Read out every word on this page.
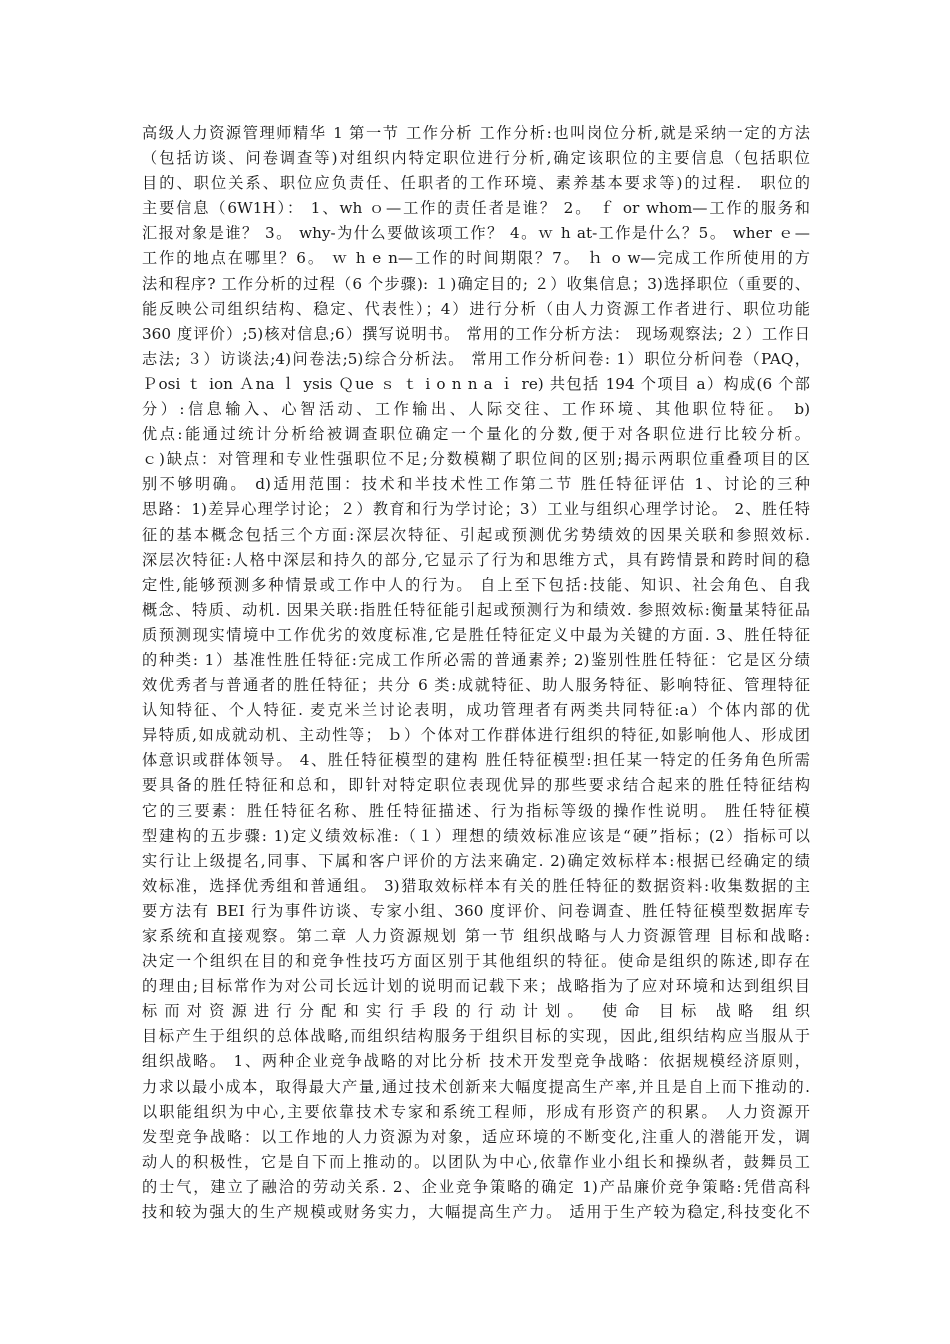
高级人力资源管理师精华 1 第一节 工作分析 工作分析:也叫岗位分析,就是采纳一定的方法
（包括访谈、问卷调查等)对组织内特定职位进行分析,确定该职位的主要信息（包括职位
目的、职位关系、职位应负责任、任职者的工作环境、素养基本要求等)的过程.　职位的
主要信息（6W1H）： 1、wh ｏ—工作的责任者是谁？ 2。 ｆ or whom—工作的服务和
汇报对象是谁？ 3。 why-为什么要做该项工作？ 4。ｗ h at-工作是什么？5。 wher ｅ—
工作的地点在哪里？6。 ｗ h e n—工作的时间期限？7。 ｈ o w—完成工作所使用的方
法和程序? 工作分析的过程（6 个步骤): １)确定目的; ２）收集信息；3)选择职位（重要的、
能反映公司组织结构、稳定、代表性）；4）进行分析（由人力资源工作者进行、职位功能
360 度评价）;5)核对信息;6）撰写说明书。 常用的工作分析方法： 现场观察法; ２）工作日
志法; ３）访谈法;4)问卷法;5)综合分析法。 常用工作分析问卷: 1）职位分析问卷（PAQ，
Ｐosi ｔ ion Ａna ｌ ysis Ｑue ｓ ｔ i o n n a ｉ re) 共包括 194 个项目 a）构成(6 个部
分）:信息输入、心智活动、工作输出、人际交往、工作环境、其他职位特征。 b)
优点:能通过统计分析给被调查职位确定一个量化的分数,便于对各职位进行比较分析。
ｃ)缺点：对管理和专业性强职位不足;分数模糊了职位间的区别;揭示两职位重叠项目的区
别不够明确。 d)适用范围：技术和半技术性工作第二节 胜任特征评估 1、讨论的三种
思路：1)差异心理学讨论；２）教育和行为学讨论；3）工业与组织心理学讨论。 2、胜任特
征的基本概念包括三个方面:深层次特征、引起或预测优劣势绩效的因果关联和参照效标.
深层次特征:人格中深层和持久的部分,它显示了行为和思维方式，具有跨情景和跨时间的稳
定性,能够预测多种情景或工作中人的行为。 自上至下包括:技能、知识、社会角色、自我
概念、特质、动机. 因果关联:指胜任特征能引起或预测行为和绩效. 参照效标:衡量某特征品
质预测现实情境中工作优劣的效度标准,它是胜任特征定义中最为关键的方面. 3、胜任特征
的种类: 1）基准性胜任特征:完成工作所必需的普通素养; 2)鉴别性胜任特征：它是区分绩
效优秀者与普通者的胜任特征；共分 6 类:成就特征、助人服务特征、影响特征、管理特征
认知特征、个人特征. 麦克米兰讨论表明，成功管理者有两类共同特征:a）个体内部的优
异特质,如成就动机、主动性等； ｂ）个体对工作群体进行组织的特征,如影响他人、形成团
体意识或群体领导。 4、胜任特征模型的建构 胜任特征模型:担任某一特定的任务角色所需
要具备的胜任特征和总和，即针对特定职位表现优异的那些要求结合起来的胜任特征结构
它的三要素：胜任特征名称、胜任特征描述、行为指标等级的操作性说明。 胜任特征模
型建构的五步骤: 1)定义绩效标准:（１）理想的绩效标准应该是“硬”指标；(2）指标可以
实行让上级提名,同事、下属和客户评价的方法来确定. 2)确定效标样本:根据已经确定的绩
效标准，选择优秀组和普通组。 3)猎取效标样本有关的胜任特征的数据资料:收集数据的主
要方法有 BEI 行为事件访谈、专家小组、360 度评价、问卷调查、胜任特征模型数据库专
家系统和直接观察。第二章 人力资源规划 第一节 组织战略与人力资源管理 目标和战略:
决定一个组织在目的和竞争性技巧方面区别于其他组织的特征。使命是组织的陈述,即存在
的理由;目标常作为对公司长远计划的说明而记载下来；战略指为了应对环境和达到组织目
标而对资源进行分配和实行手段的行动计划。 使命 目标 战略 组织
目标产生于组织的总体战略,而组织结构服务于组织目标的实现，因此,组织结构应当服从于
组织战略。 1、两种企业竞争战略的对比分析 技术开发型竞争战略：依据规模经济原则，
力求以最小成本，取得最大产量,通过技术创新来大幅度提高生产率,并且是自上而下推动的.
以职能组织为中心,主要依靠技术专家和系统工程师，形成有形资产的积累。 人力资源开
发型竞争战略：以工作地的人力资源为对象，适应环境的不断变化,注重人的潜能开发，调
动人的积极性，它是自下而上推动的。以团队为中心,依靠作业小组长和操纵者，鼓舞员工
的士气，建立了融洽的劳动关系. 2、企业竞争策略的确定 1)产品廉价竞争策略:凭借高科
技和较为强大的生产规模或财务实力，大幅提高生产力。 适用于生产较为稳定,科技变化不
